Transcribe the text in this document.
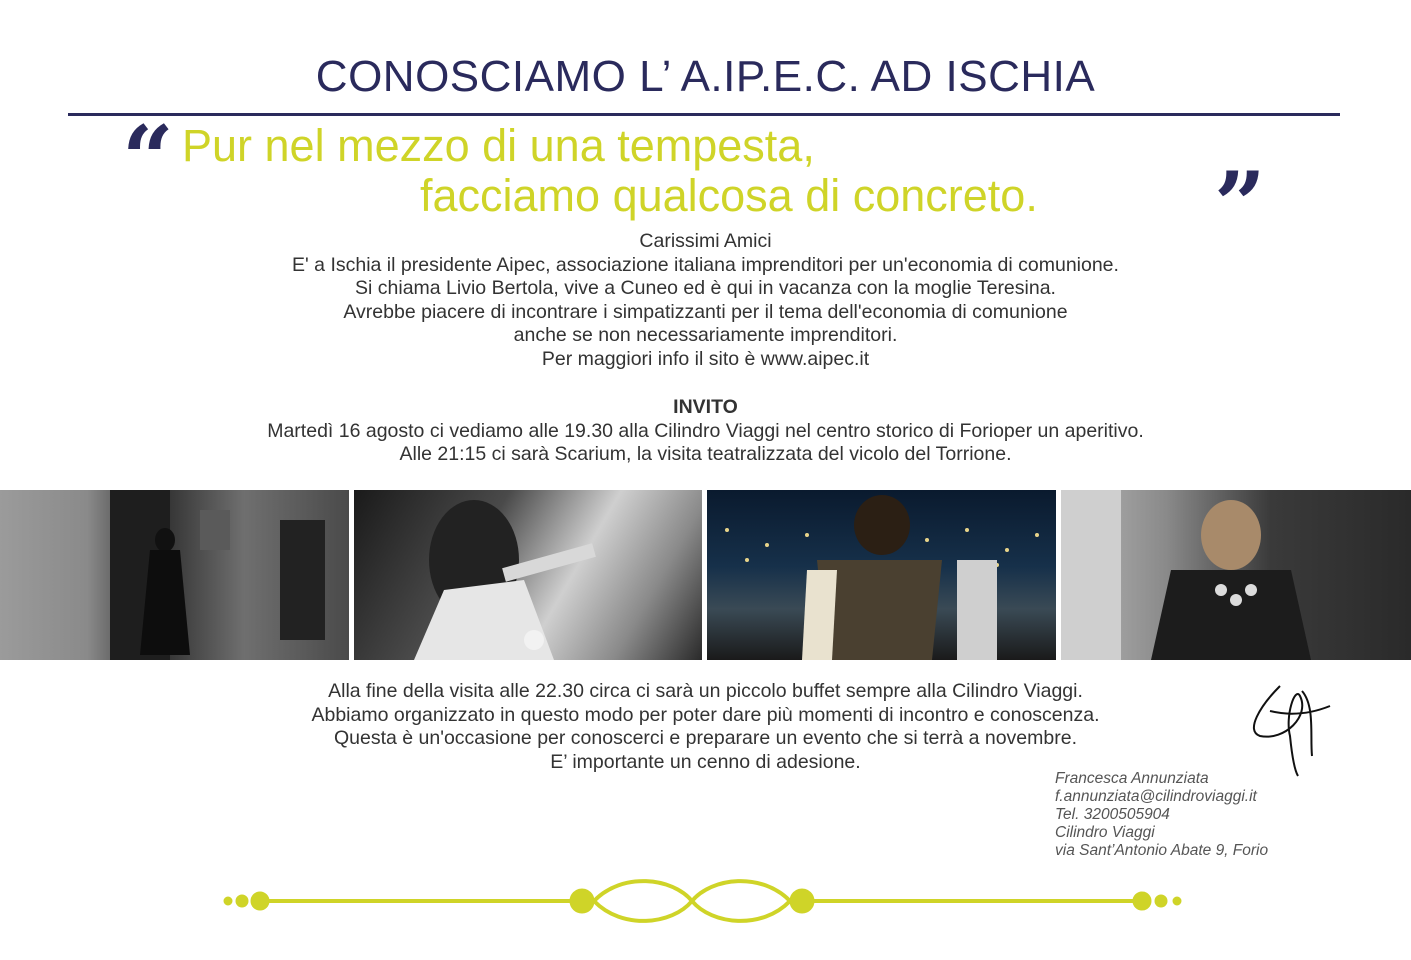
CONOSCIAMO L’ A.IP.E.C. AD ISCHIA
“ Pur nel mezzo di una tempesta,
facciamo qualcosa di concreto. ”
Carissimi Amici
E' a Ischia il presidente Aipec, associazione italiana imprenditori per un'economia di comunione.
Si chiama Livio Bertola, vive a Cuneo ed è qui in vacanza con la moglie Teresina.
Avrebbe piacere di incontrare i simpatizzanti per il tema dell'economia di comunione
anche se non necessariamente imprenditori.
Per maggiori info il sito è www.aipec.it
INVITO
Martedì 16 agosto ci vediamo alle 19.30 alla Cilindro Viaggi nel centro storico di Forioper un aperitivo.
Alle 21:15 ci sarà Scarium, la visita teatralizzata del vicolo del Torrione.
Alla fine della visita alle 22.30 circa ci sarà un piccolo buffet sempre alla Cilindro Viaggi.
Abbiamo organizzato in questo modo per poter dare più momenti di incontro e conoscenza.
Questa è un'occasione per conoscerci e preparare un evento che si terrà a novembre.
E’ importante un cenno di adesione.
Francesca Annunziata
f.annunziata@cilindroviaggi.it
Tel. 3200505904
Cilindro Viaggi
via Sant’Antonio Abate 9, Forio
